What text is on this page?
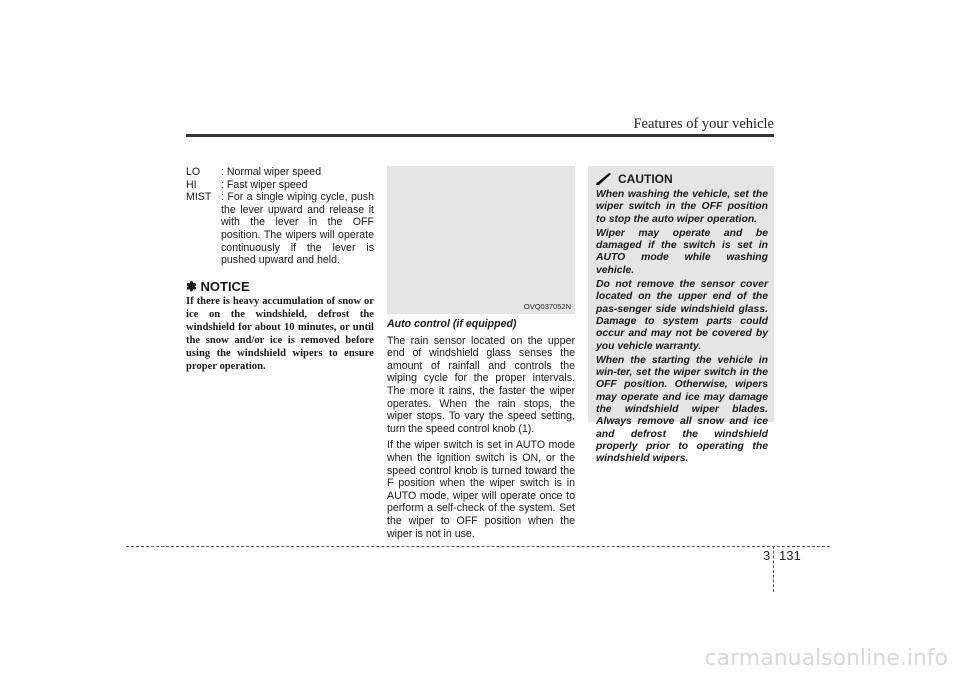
Features of your vehicle
LO	: Normal wiper speed
HI	: Fast wiper speed
MIST : For a single wiping cycle, push the lever upward and release it with the lever in the OFF position. The wipers will operate continuously if the lever is pushed upward and held.
✽ NOTICE
If there is heavy accumulation of snow or ice on the windshield, defrost the windshield for about 10 minutes, or until the snow and/or ice is removed before using the windshield wipers to ensure proper operation.
OVQ037052N

Auto control (if equipped)

The rain sensor located on the upper end of windshield glass senses the amount of rainfall and controls the wiping cycle for the proper intervals. The more it rains, the faster the wiper operates. When the rain stops, the wiper stops. To vary the speed setting, turn the speed control knob (1).

If the wiper switch is set in AUTO mode when the ignition switch is ON, or the speed control knob is turned toward the F position when the wiper switch is in AUTO mode, wiper will operate once to perform a self-check of the system. Set the wiper to OFF position when the wiper is not in use.

CAUTION

When washing the vehicle, set the wiper switch in the OFF position to stop the auto wiper operation.

Wiper may operate and be damaged if the switch is set in AUTO mode while washing vehicle.

Do not remove the sensor cover located on the upper end of the pas-senger side windshield glass. Damage to system parts could occur and may not be covered by you vehicle warranty.

When the starting the vehicle in win-ter, set the wiper switch in the OFF position. Otherwise, wipers may operate and ice may damage the windshield wiper blades. Always remove all snow and ice and defrost the windshield properly prior to operating the windshield wipers.

3 131
carmanualsonline.info
